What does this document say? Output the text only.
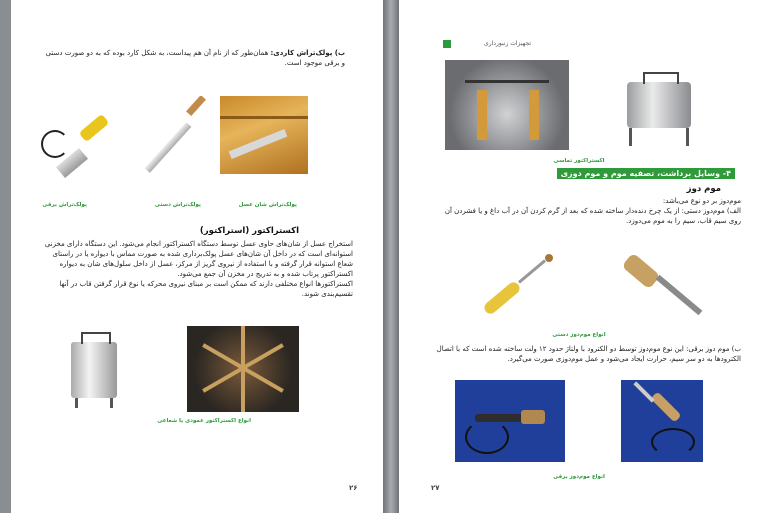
ب) پولک‌تراش کاردی: همان‌طور که از نام آن هم پیداست، به شکل کارد بوده که به دو صورت دستی و برقی موجود است.
پولک‌تراش شان عسل
پولک‌تراش دستی
پولک‌تراش برقی
اکستراکتور (استراکتور)
استخراج عسل از شان‌های حاوی عسل توسط دستگاه اکستراکتور انجام می‌شود. این دستگاه دارای مخزنی
استوانه‌ای است که در داخل آن شان‌های عسل پولک‌برداری شده به صورت مماس با دیواره یا در راستای
شعاع استوانه قرار گرفته و با استفاده از نیروی گریز از مرکز، عسل از داخل سلول‌های شان به دیواره
اکستراکتور پرتاب شده و به تدریج در مخزن آن جمع می‌شود.
اکستراکتورها انواع مختلفی دارند که ممکن است بر مبنای نیروی محرکه یا نوع قرار گرفتن قاب در آنها
تقسیم‌بندی شوند.
انواع اکستراکتور عمودی یا شعاعی
۲۶
تجهیزات زنبورداری
اکستراکتور تماسی
۴- وسایل برداشت، تصفیه موم و موم دوزی
موم دوز
موم‌دوز بر دو نوع می‌باشد:
الف) موم‌دوز دستی: از یک چرخ دنده‌دار ساخته شده که بعد از گرم کردن آن در آب داغ و یا فشردن آن
روی سیم قاب، سیم را به موم می‌دوزد.
انواع موم‌دوز دستی
ب) موم دوز برقی: این نوع موم‌دوز توسط دو الکترود با ولتاژ حدود ۱۲ ولت ساخته شده است که با اتصال
الکترودها به دو سر سیم، حرارت ایجاد می‌شود و عمل موم‌دوزی صورت می‌گیرد.
انواع موم‌دوز برقی
۲۷
